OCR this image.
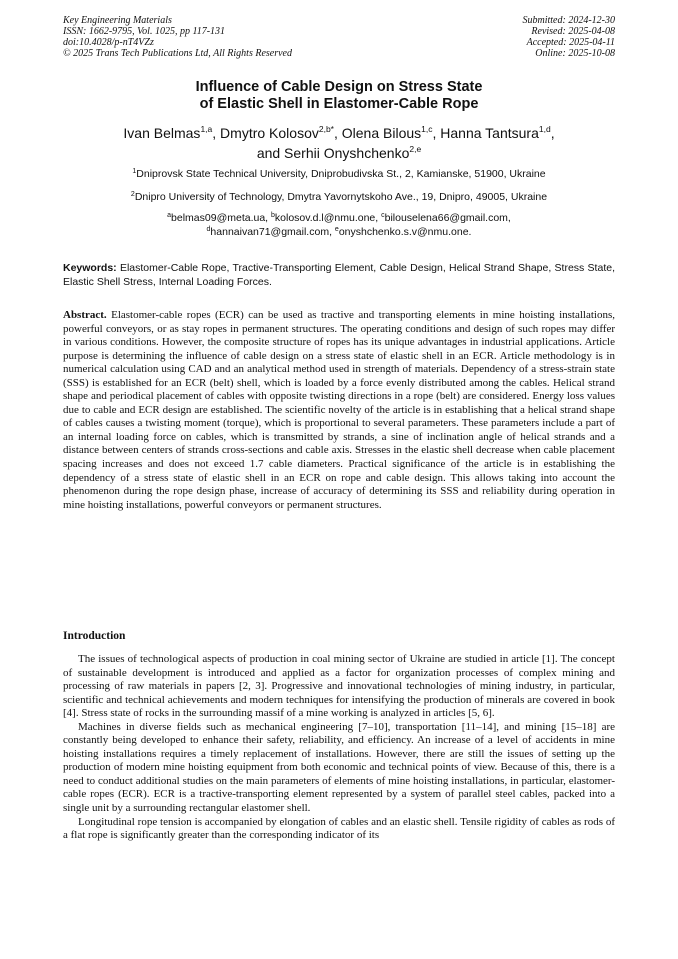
Key Engineering Materials
ISSN: 1662-9795, Vol. 1025, pp 117-131
doi:10.4028/p-nT4VZz
© 2025 Trans Tech Publications Ltd, All Rights Reserved
Submitted: 2024-12-30
Revised: 2025-04-08
Accepted: 2025-04-11
Online: 2025-10-08
Influence of Cable Design on Stress State
of Elastic Shell in Elastomer-Cable Rope
Ivan Belmas$^{1,a}$, Dmytro Kolosov$^{2,b*}$, Olena Bilous$^{1,c}$, Hanna Tantsura$^{1,d}$,
and Serhii Onyshchenko$^{2,e}$
$^1$Dniprovsk State Technical University, Dniprobudivska St., 2, Kamianske, 51900, Ukraine
$^2$Dnipro University of Technology, Dmytra Yavornytskoho Ave., 19, Dnipro, 49005, Ukraine
$^a$belmas09@meta.ua, $^b$kolosov.d.l@nmu.one, $^c$bilouselena66@gmail.com,
$^d$hannaivan71@gmail.com, $^e$onyshchenko.s.v@nmu.one.
Keywords: Elastomer-Cable Rope, Tractive-Transporting Element, Cable Design, Helical Strand Shape, Stress State, Elastic Shell Stress, Internal Loading Forces.
Abstract. Elastomer-cable ropes (ECR) can be used as tractive and transporting elements in mine hoisting installations, powerful conveyors, or as stay ropes in permanent structures. The operating conditions and design of such ropes may differ in various conditions. However, the composite structure of ropes has its unique advantages in industrial applications. Article purpose is determining the influence of cable design on a stress state of elastic shell in an ECR. Article methodology is in numerical calculation using CAD and an analytical method used in strength of materials. Dependency of a stress-strain state (SSS) is established for an ECR (belt) shell, which is loaded by a force evenly distributed among the cables. Helical strand shape and periodical placement of cables with opposite twisting directions in a rope (belt) are considered. Energy loss values due to cable and ECR design are established. The scientific novelty of the article is in establishing that a helical strand shape of cables causes a twisting moment (torque), which is proportional to several parameters. These parameters include a part of an internal loading force on cables, which is transmitted by strands, a sine of inclination angle of helical strands and a distance between centers of strands cross-sections and cable axis. Stresses in the elastic shell decrease when cable placement spacing increases and does not exceed 1.7 cable diameters. Practical significance of the article is in establishing the dependency of a stress state of elastic shell in an ECR on rope and cable design. This allows taking into account the phenomenon during the rope design phase, increase of accuracy of determining its SSS and reliability during operation in mine hoisting installations, powerful conveyors or permanent structures.
Introduction

The issues of technological aspects of production in coal mining sector of Ukraine are studied in article [1]. The concept of sustainable development is introduced and applied as a factor for organization processes of complex mining and processing of raw materials in papers [2, 3]. Progressive and innovational technologies of mining industry, in particular, scientific and technical achievements and modern techniques for intensifying the production of minerals are covered in book [4]. Stress state of rocks in the surrounding massif of a mine working is analyzed in articles [5, 6].

Machines in diverse fields such as mechanical engineering [7–10], transportation [11–14], and mining [15–18] are constantly being developed to enhance their safety, reliability, and efficiency. An increase of a level of accidents in mine hoisting installations requires a timely replacement of installations. However, there are still the issues of setting up the production of modern mine hoisting equipment from both economic and technical points of view. Because of this, there is a need to conduct additional studies on the main parameters of elements of mine hoisting installations, in particular, elastomer-cable ropes (ECR). ECR is a tractive-transporting element represented by a system of parallel steel cables, packed into a single unit by a surrounding rectangular elastomer shell.

Longitudinal rope tension is accompanied by elongation of cables and an elastic shell. Tensile rigidity of cables as rods of a flat rope is significantly greater than the corresponding indicator of its
